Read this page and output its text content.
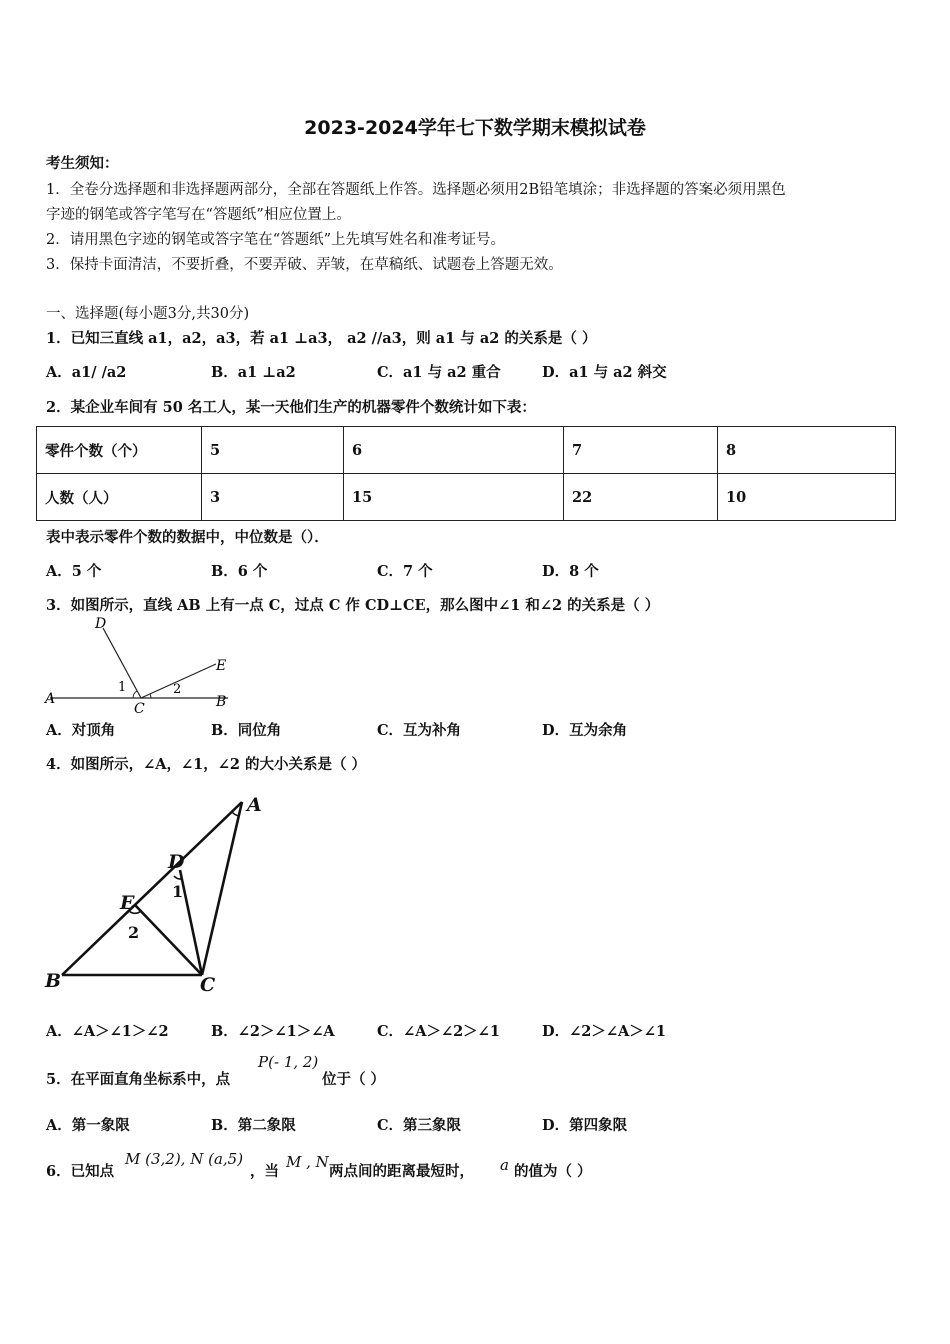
2023-2024学年七下数学期末模拟试卷
考生须知：
1．全卷分选择题和非选择题两部分，全部在答题纸上作答。选择题必须用2B铅笔填涂；非选择题的答案必须用黑色
字迹的钢笔或答字笔写在“答题纸”相应位置上。
2．请用黑色字迹的钢笔或答字笔在“答题纸”上先填写姓名和准考证号。
3．保持卡面清洁，不要折叠，不要弄破、弄皱，在草稿纸、试题卷上答题无效。
一、选择题(每小题3分,共30分)
1．已知三直线 a1，a2，a3，若 a1 ⊥a3， a2 //a3，则 a1 与 a2 的关系是（ ）
A．a1/ /a2	B．a1 ⊥a2	C．a1 与 a2 重合	D．a1 与 a2 斜交
2．某企业车间有 50 名工人，某一天他们生产的机器零件个数统计如下表：
零件个数（个）	5	6	7	8
人数（人）	3	15	22	10
表中表示零件个数的数据中，中位数是（）．
A．5 个	B．6 个	C．7 个	D．8 个
3．如图所示，直线 AB 上有一点 C，过点 C 作 CD⊥CE，那么图中∠1 和∠2 的关系是（ ）
A	B
C
D
E
1	2
A．对顶角	B．同位角	C．互为补角	D．互为余角
4．如图所示，∠A，∠1，∠2 的大小关系是（ ）
A
B	C
D
E
1
2
A．∠A＞∠1＞∠2	B．∠2＞∠1＞∠A	C．∠A＞∠2＞∠1	D．∠2＞∠A＞∠1
5．在平面直角坐标系中，点
P(- 1, 2)
位于（ ）
A．第一象限	B．第二象限	C．第三象限	D．第四象限
6．已知点
M (3,2), N (a,5)
，当
M , N
两点间的距离最短时， a 的值为（ ）
